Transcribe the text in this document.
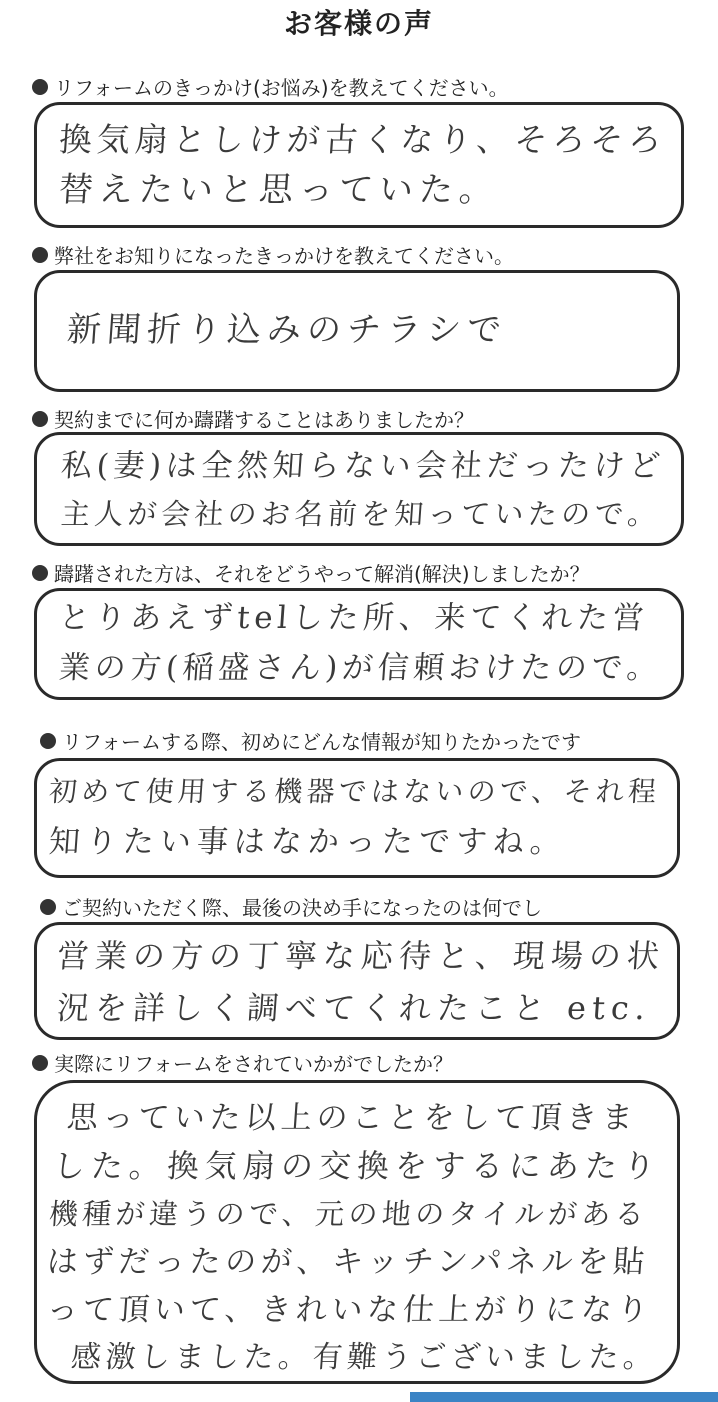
お客様の声
リフォームのきっかけ(お悩み)を教えてください。
換気扇としけが古くなり、そろそろ
替えたいと思っていた。
弊社をお知りになったきっかけを教えてください。
新聞折り込みのチラシで
契約までに何か躊躇することはありましたか？
私(妻)は全然知らない会社だったけど
主人が会社のお名前を知っていたので。
躊躇された方は、それをどうやって解消(解決)しましたか？
とりあえずtelした所、来てくれた営
業の方(稲盛さん)が信頼おけたので。
リフォームする際、初めにどんな情報が知りたかったです
初めて使用する機器ではないので、それ程
知りたい事はなかったですね。
ご契約いただく際、最後の決め手になったのは何でし
営業の方の丁寧な応待と、現場の状
況を詳しく調べてくれたこと etc.
実際にリフォームをされていかがでしたか？
思っていた以上のことをして頂きま
した。換気扇の交換をするにあたり
機種が違うので、元の地のタイルがある
はずだったのが、キッチンパネルを貼
って頂いて、きれいな仕上がりになり
感激しました。有難うございました。
